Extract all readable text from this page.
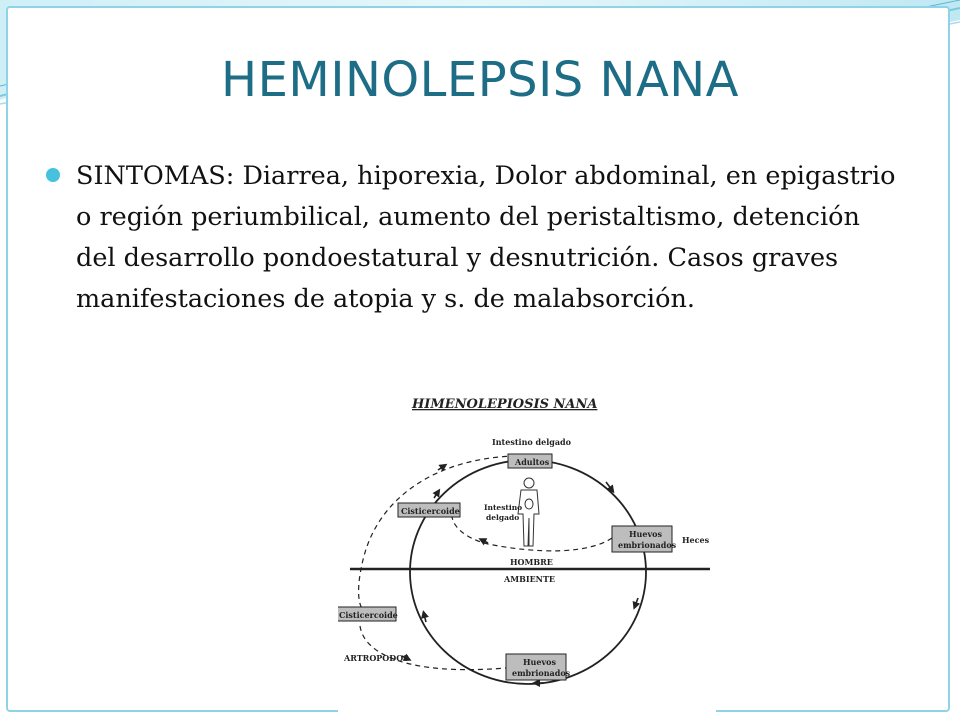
HEMINOLEPSIS NANA

SINTOMAS: Diarrea, hiporexia, Dolor abdominal, en epigastrio o región periumbilical, aumento del peristaltismo, detención del desarrollo pondoestatural y desnutrición. Casos graves manifestaciones de atopia y s. de malabsorción.

HIMENOLEPIOSIS NANA
Intestino delgado
Adultos
Intestino
delgado
Cisticercoide
Huevos
embrionados Heces
HOMBRE
AMBIENTE
Cisticercoide
ARTROPODOS	Huevos
embrionados
